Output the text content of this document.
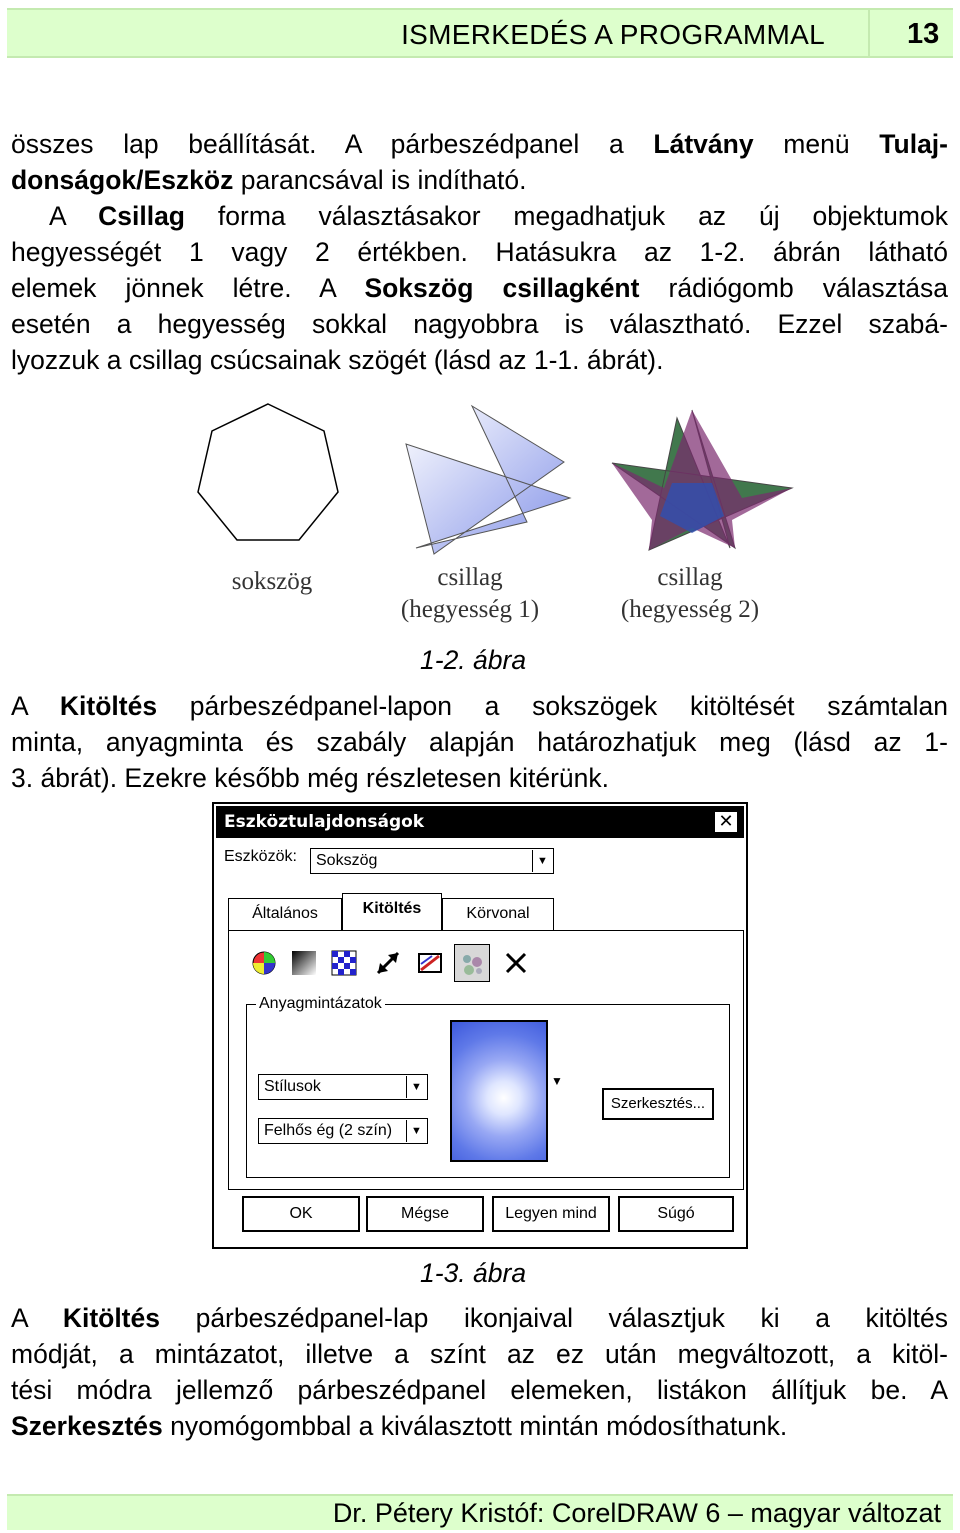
ISMERKEDÉS A PROGRAMMAL	13
összes lap beállítását. A párbeszédpanel a Látvány menü Tulaj-
donságok/Eszköz parancsával is indítható.
A Csillag forma választásakor megadhatjuk az új objektumok
hegyességét 1 vagy 2 értékben. Hatásukra az 1-2. ábrán látható
elemek jönnek létre. A Sokszög csillagként rádiógomb választása
esetén a hegyesség sokkal nagyobbra is választható. Ezzel szabá-
lyozzuk a csillag csúcsainak szögét (lásd az 1-1. ábrát).
sokszög	csillag
(hegyesség 1)
csillag
(hegyesség 2)
1-2. ábra
A Kitöltés párbeszédpanel-lapon a sokszögek kitöltését számtalan
minta, anyagminta és szabály alapján határozhatjuk meg (lásd az 1-
3. ábrát). Ezekre később még részletesen kitérünk.
Eszköztulajdonságok	✕
Eszközök: Sokszög	▼
Általános	Kitöltés	Körvonal
Anyagmintázatok
Stílusok	▼
Felhős ég (2 szín)	▼
▼
Szerkesztés...
OK	Mégse	Legyen mind	Súgó
1-3. ábra
A Kitöltés párbeszédpanel-lap ikonjaival választjuk ki a kitöltés
módját, a mintázatot, illetve a színt az ez után megváltozott, a kitöl-
tési módra jellemző párbeszédpanel elemeken, listákon állítjuk be. A
Szerkesztés nyomógombbal a kiválasztott mintán módosíthatunk.
Dr. Pétery Kristóf: CorelDRAW 6 – magyar változat
